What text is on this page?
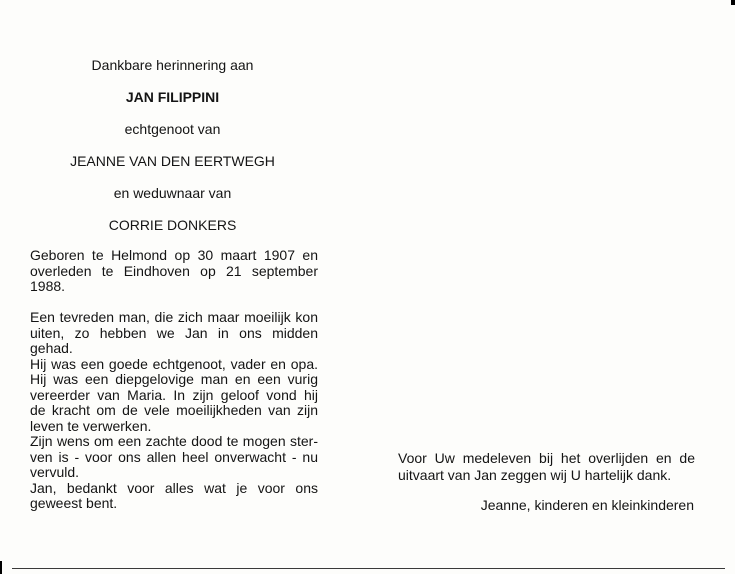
Dankbare herinnering aan
JAN FILIPPINI
echtgenoot van
JEANNE VAN DEN EERTWEGH
en weduwnaar van
CORRIE DONKERS
Geboren te Helmond op 30 maart 1907 en
overleden te Eindhoven op 21 september
1988.
Een tevreden man, die zich maar moeilijk kon
uiten, zo hebben we Jan in ons midden
gehad.
Hij was een goede echtgenoot, vader en opa.
Hij was een diepgelovige man en een vurig
vereerder van Maria. In zijn geloof vond hij
de kracht om de vele moeilijkheden van zijn
leven te verwerken.
Zijn wens om een zachte dood te mogen ster-
ven is - voor ons allen heel onverwacht - nu
vervuld.
Jan, bedankt voor alles wat je voor ons
geweest bent.
Voor Uw medeleven bij het overlijden en de
uitvaart van Jan zeggen wij U hartelijk dank.
Jeanne, kinderen en kleinkinderen
